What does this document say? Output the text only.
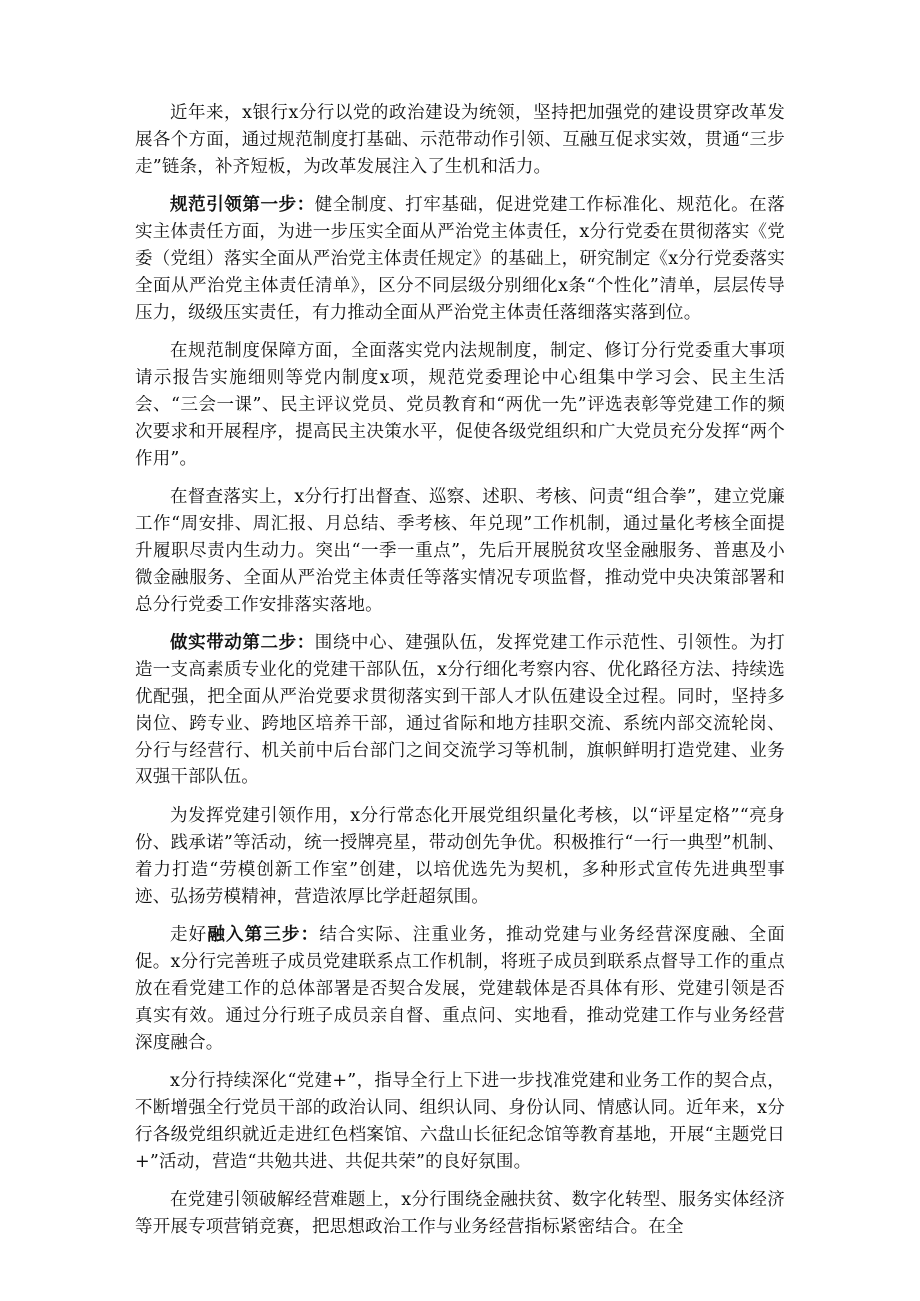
近年来，x银行x分行以党的政治建设为统领，坚持把加强党的建设贯穿改革发展各个方面，通过规范制度打基础、示范带动作引领、互融互促求实效，贯通“三步走”链条，补齐短板，为改革发展注入了生机和活力。

规范引领第一步：健全制度、打牢基础，促进党建工作标准化、规范化。在落实主体责任方面，为进一步压实全面从严治党主体责任，x分行党委在贯彻落实《党委（党组）落实全面从严治党主体责任规定》的基础上，研究制定《x分行党委落实全面从严治党主体责任清单》，区分不同层级分别细化x条“个性化”清单，层层传导压力，级级压实责任，有力推动全面从严治党主体责任落细落实落到位。

在规范制度保障方面，全面落实党内法规制度，制定、修订分行党委重大事项请示报告实施细则等党内制度x项，规范党委理论中心组集中学习会、民主生活会、“三会一课”、民主评议党员、党员教育和“两优一先”评选表彰等党建工作的频次要求和开展程序，提高民主决策水平，促使各级党组织和广大党员充分发挥“两个作用”。

在督查落实上，x分行打出督查、巡察、述职、考核、问责“组合拳”，建立党廉工作“周安排、周汇报、月总结、季考核、年兑现”工作机制，通过量化考核全面提升履职尽责内生动力。突出“一季一重点”，先后开展脱贫攻坚金融服务、普惠及小微金融服务、全面从严治党主体责任等落实情况专项监督，推动党中央决策部署和总分行党委工作安排落实落地。

做实带动第二步：围绕中心、建强队伍，发挥党建工作示范性、引领性。为打造一支高素质专业化的党建干部队伍，x分行细化考察内容、优化路径方法、持续选优配强，把全面从严治党要求贯彻落实到干部人才队伍建设全过程。同时，坚持多岗位、跨专业、跨地区培养干部，通过省际和地方挂职交流、系统内部交流轮岗、分行与经营行、机关前中后台部门之间交流学习等机制，旗帜鲜明打造党建、业务双强干部队伍。

为发挥党建引领作用，x分行常态化开展党组织量化考核，以“评星定格”“亮身份、践承诺”等活动，统一授牌亮星，带动创先争优。积极推行“一行一典型”机制、着力打造“劳模创新工作室”创建，以培优选先为契机，多种形式宣传先进典型事迹、弘扬劳模精神，营造浓厚比学赶超氛围。

走好融入第三步：结合实际、注重业务，推动党建与业务经营深度融、全面促。x分行完善班子成员党建联系点工作机制，将班子成员到联系点督导工作的重点放在看党建工作的总体部署是否契合发展，党建载体是否具体有形、党建引领是否真实有效。通过分行班子成员亲自督、重点问、实地看，推动党建工作与业务经营深度融合。

x分行持续深化“党建+”，指导全行上下进一步找准党建和业务工作的契合点，不断增强全行党员干部的政治认同、组织认同、身份认同、情感认同。近年来，x分行各级党组织就近走进红色档案馆、六盘山长征纪念馆等教育基地，开展“主题党日+”活动，营造“共勉共进、共促共荣”的良好氛围。

在党建引领破解经营难题上，x分行围绕金融扶贫、数字化转型、服务实体经济等开展专项营销竞赛，把思想政治工作与业务经营指标紧密结合。在全
